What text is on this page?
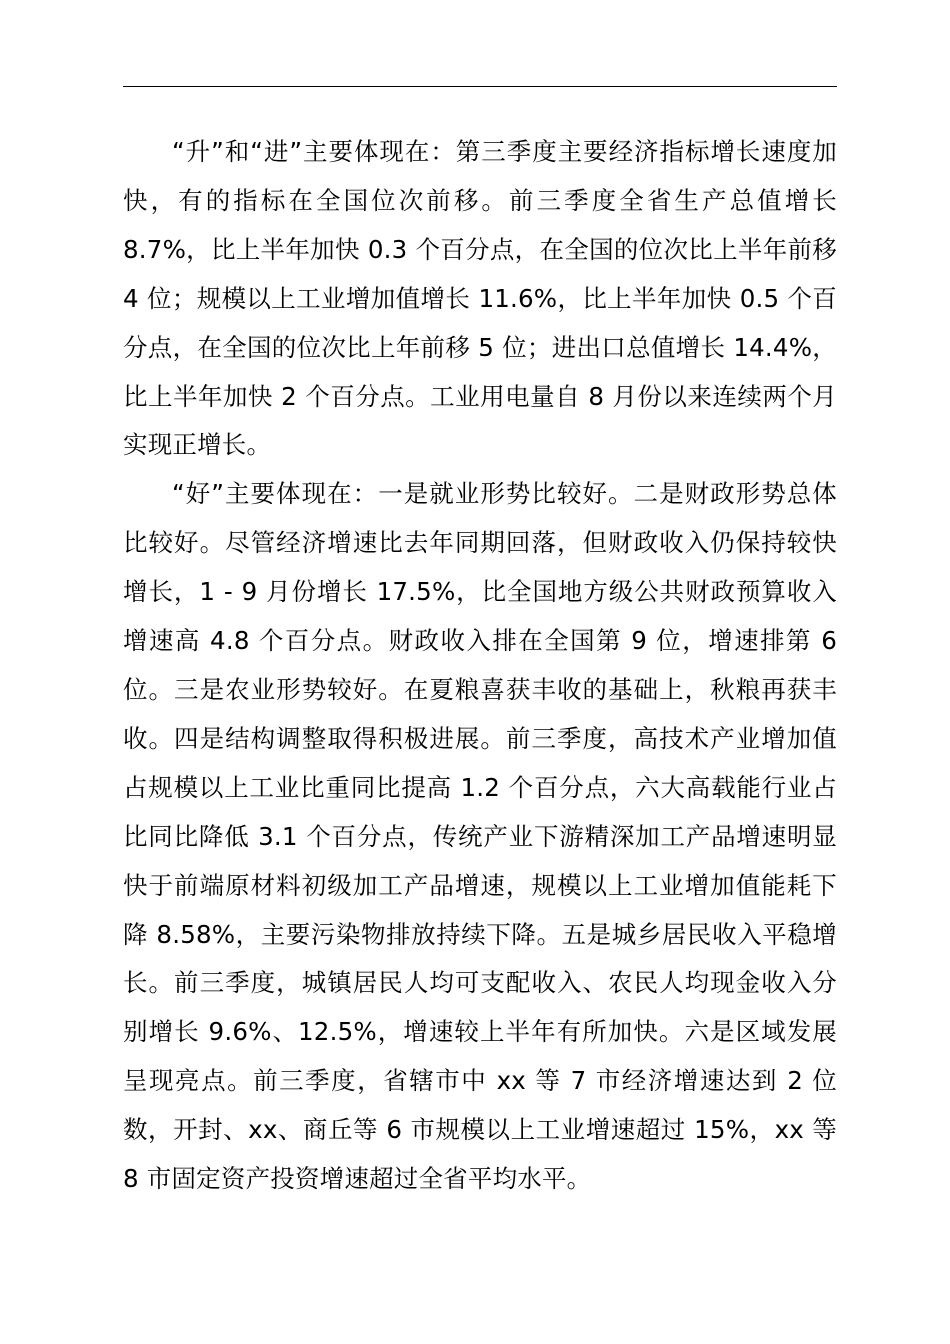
“升”和“进”主要体现在：第三季度主要经济指标增长速度加快，有的指标在全国位次前移。前三季度全省生产总值增长 8.7%，比上半年加快 0.3 个百分点，在全国的位次比上半年前移 4 位；规模以上工业增加值增长 11.6%，比上半年加快 0.5 个百分点，在全国的位次比上年前移 5 位；进出口总值增长 14.4%，比上半年加快 2 个百分点。工业用电量自 8 月份以来连续两个月实现正增长。

“好”主要体现在：一是就业形势比较好。二是财政形势总体比较好。尽管经济增速比去年同期回落，但财政收入仍保持较快增长，1 - 9 月份增长 17.5%，比全国地方级公共财政预算收入增速高 4.8 个百分点。财政收入排在全国第 9 位，增速排第 6 位。三是农业形势较好。在夏粮喜获丰收的基础上，秋粮再获丰收。四是结构调整取得积极进展。前三季度，高技术产业增加值占规模以上工业比重同比提高 1.2 个百分点，六大高载能行业占比同比降低 3.1 个百分点，传统产业下游精深加工产品增速明显快于前端原材料初级加工产品增速，规模以上工业增加值能耗下降 8.58%，主要污染物排放持续下降。五是城乡居民收入平稳增长。前三季度，城镇居民人均可支配收入、农民人均现金收入分别增长 9.6%、12.5%，增速较上半年有所加快。六是区域发展呈现亮点。前三季度，省辖市中 xx 等 7 市经济增速达到 2 位数，开封、xx、商丘等 6 市规模以上工业增速超过 15%，xx 等 8 市固定资产投资增速超过全省平均水平。
